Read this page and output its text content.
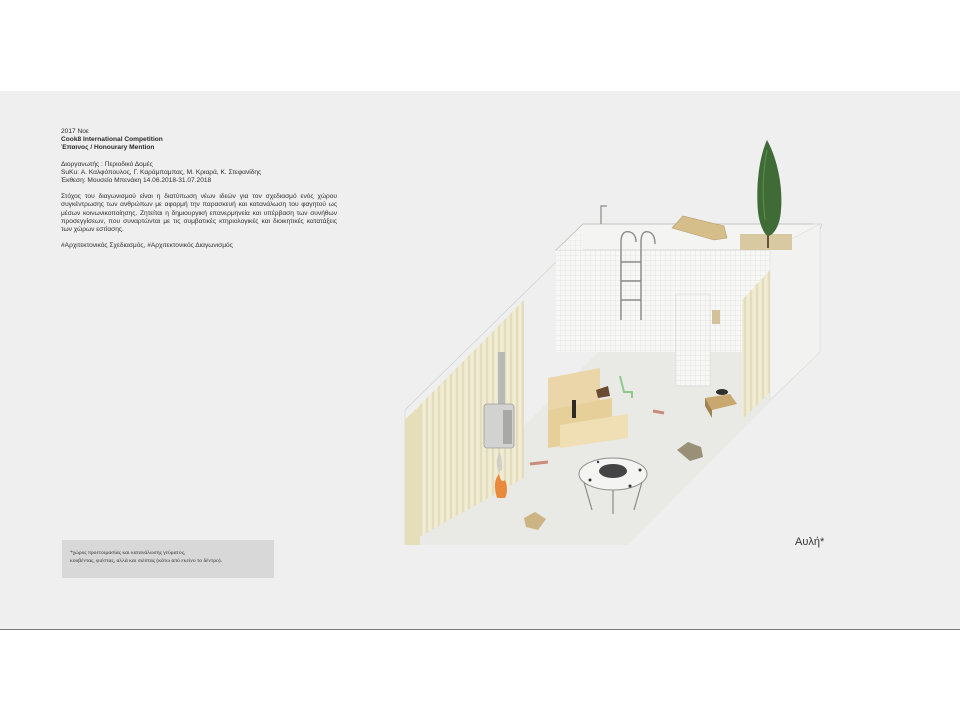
2017 Νοε
Cook8 International Competition
Έπαινος / Honourary Mention
Διοργανωτής : Περιοδικό Δομές
SuKu: Α. Καλφόπουλος, Γ. Καράμπαμπας, Μ. Κριαρά, Κ. Στεφανίδης
Έκθεση: Μουσείο Μπενάκη 14.06.2018-31.07.2018
Στόχος του διαγωνισμού είναι η διατύπωση νέων ιδεών για τον σχεδιασμό ενός χώρου συγκέντρωσης των ανθρώπων με αφορμή την παρασκευή και κατανάλωση του φαγητού ως μέσων κοινωνικοποίησης. Ζητείται η δημιουργική επανερμηνεία και υπέρβαση των συνήθων προσεγγίσεων, που συναρτώνται με τις συμβατικές κτηριολογικές και διοικητικές κατατάξεις των χώρων εστίασης.
#Αρχιτεκτονικός Σχεδιασμός, #Αρχιτεκτονικός Διαγωνισμός
*χώρος προετοιμασίας και κατανάλωσης γεύματος,
κουβέντας, φιέστας, αλλά και σιέστας (κάτω από εκείνο το δέντρο).
Αυλή*
